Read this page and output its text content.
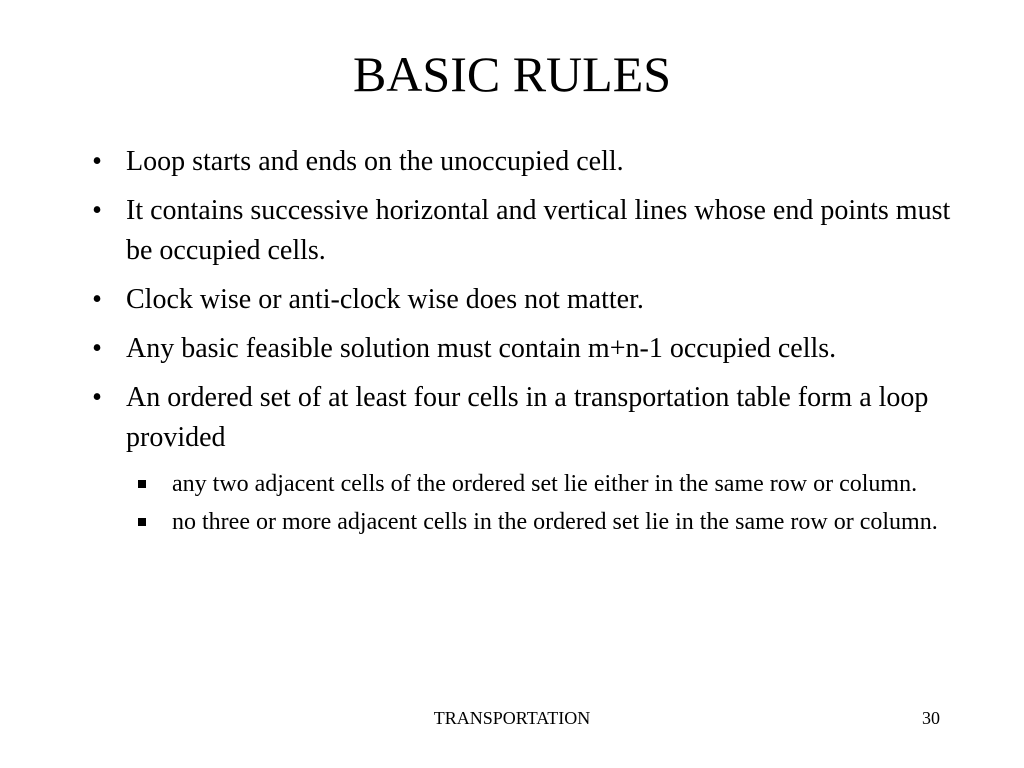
BASIC RULES
• Loop starts and ends on the unoccupied cell.
• It contains successive horizontal and vertical lines whose end points must be occupied cells.
• Clock wise or anti-clock wise does not matter.
• Any basic feasible solution must contain m+n-1 occupied cells.
• An ordered set of at least four cells in a transportation table form a loop provided
any two adjacent cells of the ordered set lie either in the same row or column.
no three or more adjacent cells in the ordered set lie in the same row or column.
TRANSPORTATION	30
